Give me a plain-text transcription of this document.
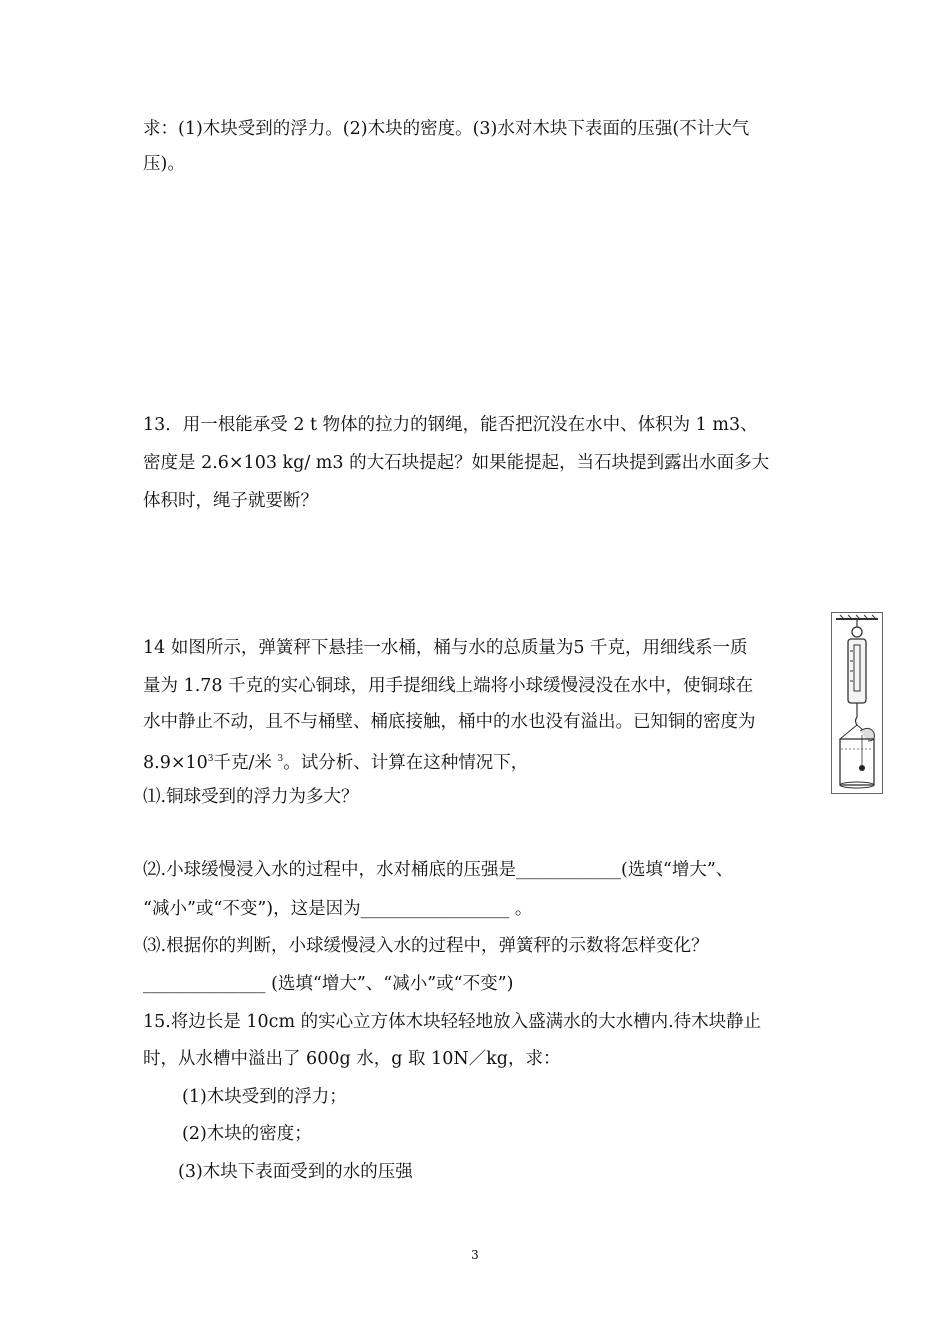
求：(1)木块受到的浮力。(2)木块的密度。(3)水对木块下表面的压强(不计大气
压)。
13．用一根能承受 2 t 物体的拉力的钢绳，能否把沉没在水中、体积为 1 m3、
密度是 2.6×103 kg/ m3 的大石块提起？如果能提起，当石块提到露出水面多大
体积时，绳子就要断？
14 如图所示，弹簧秤下悬挂一水桶，桶与水的总质量为5 千克，用细线系一质
量为 1.78 千克的实心铜球，用手提细线上端将小球缓慢浸没在水中，使铜球在
水中静止不动，且不与桶壁、桶底接触，桶中的水也没有溢出。已知铜的密度为
$8.9\times 10^3$千克/米 $^3$。试分析、计算在这种情况下，
⑴.铜球受到的浮力为多大？
⑵.小球缓慢浸入水的过程中，水对桶底的压强是____________(选填“增大”、
“减小”或“不变”)，这是因为_________________ 。
⑶.根据你的判断，小球缓慢浸入水的过程中，弹簧秤的示数将怎样变化？
______________ (选填“增大”、“减小”或“不变”)
15.将边长是 10cm 的实心立方体木块轻轻地放入盛满水的大水槽内.待木块静止
时，从水槽中溢出了 600g 水，g 取 10N／kg，求：
(1)木块受到的浮力；
(2)木块的密度；
(3)木块下表面受到的水的压强
3
